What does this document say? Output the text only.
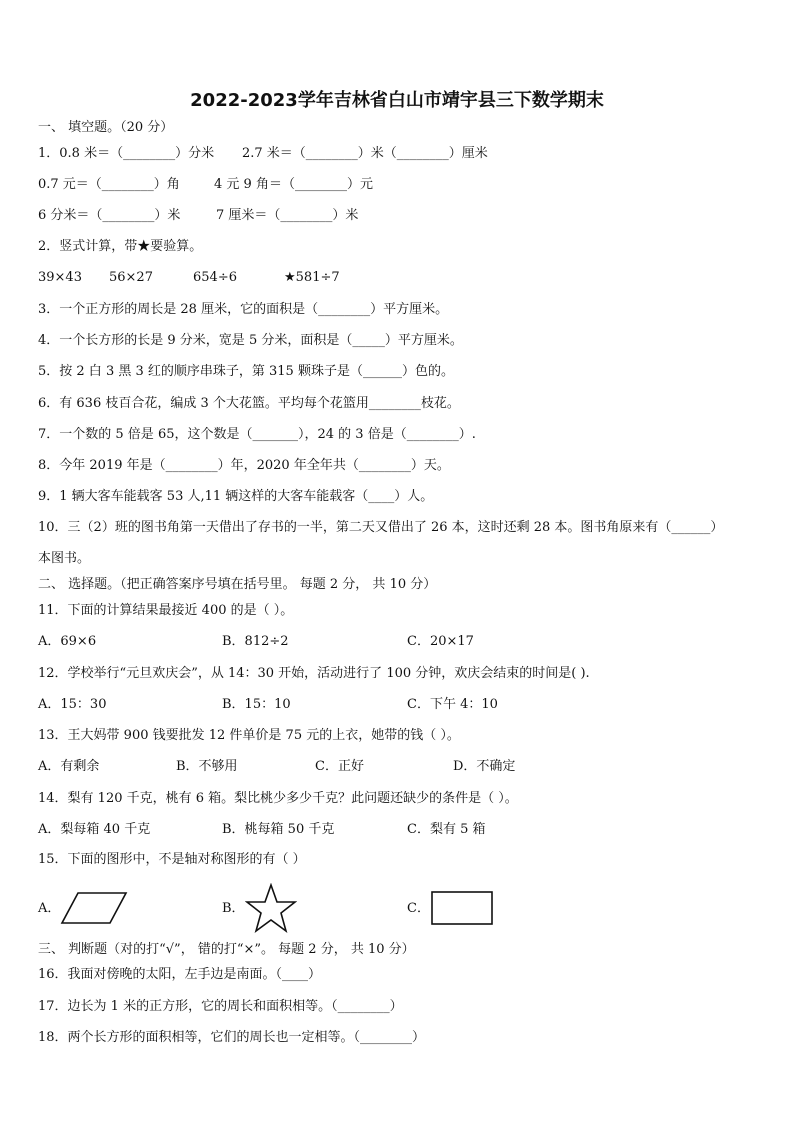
2022-2023学年吉林省白山市靖宇县三下数学期末
一、 填空题。（20 分）
1．0.8 米＝（________）分米 2.7 米＝（________）米（________）厘米
0.7 元＝（________）角	4 元 9 角＝（________）元
6 分米＝（________）米	7 厘米＝（________）米
2．竖式计算，带★要验算。
39×43 56×27	654÷6	★581÷7
3．一个正方形的周长是 28 厘米，它的面积是（________）平方厘米。
4．一个长方形的长是 9 分米，宽是 5 分米，面积是（_____）平方厘米。
5．按 2 白 3 黑 3 红的顺序串珠子，第 315 颗珠子是（______）色的。
6．有 636 枝百合花，编成 3 个大花篮。平均每个花篮用________枝花。
7．一个数的 5 倍是 65，这个数是（_______），24 的 3 倍是（________）.
8．今年 2019 年是（________）年，2020 年全年共（________）天。
9．1 辆大客车能载客 53 人,11 辆这样的大客车能载客（____）人。
10．三（2）班的图书角第一天借出了存书的一半，第二天又借出了 26 本，这时还剩 28 本。图书角原来有（______）
本图书。
二、 选择题。（把正确答案序号填在括号里。 每题 2 分， 共 10 分）
11．下面的计算结果最接近 400 的是（ ）。
A．69×6	B．812÷2	C．20×17
12．学校举行“元旦欢庆会”，从 14：30 开始，活动进行了 100 分钟，欢庆会结束的时间是( ).
A．15：30	B．15：10	C．下午 4：10
13．王大妈带 900 钱要批发 12 件单价是 75 元的上衣，她带的钱（ ）。
A．有剩余	B．不够用	C．正好	D．不确定
14．梨有 120 千克，桃有 6 箱。梨比桃少多少千克？此问题还缺少的条件是（ ）。
A．梨每箱 40 千克	B．桃每箱 50 千克	C．梨有 5 箱
15．下面的图形中，不是轴对称图形的有（ ）
A．	B．	C．
三、 判断题（对的打“√”， 错的打“×”。 每题 2 分， 共 10 分）
16．我面对傍晚的太阳，左手边是南面。（____）
17．边长为 1 米的正方形，它的周长和面积相等。（________）
18．两个长方形的面积相等，它们的周长也一定相等。（________）
